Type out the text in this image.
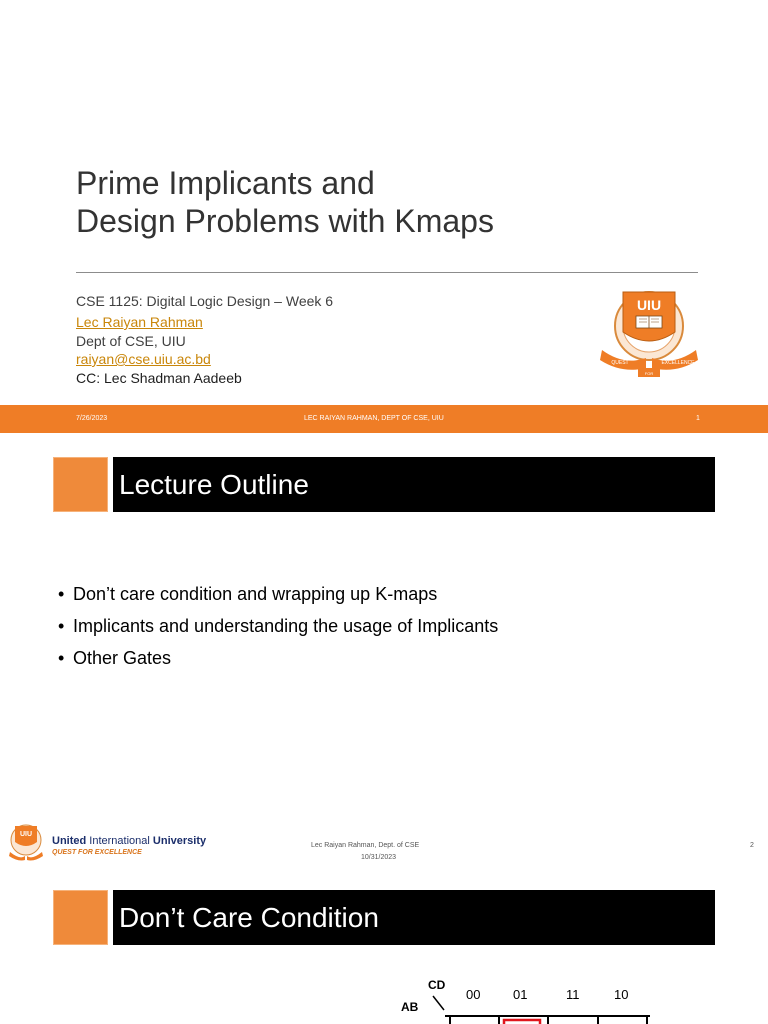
Prime Implicants and
Design Problems with Kmaps
CSE 1125: Digital Logic Design – Week 6
Lec Raiyan Rahman
Dept of CSE, UIU
raiyan@cse.uiu.ac.bd
CC: Lec Shadman Aadeeb
UIU
QUEST	EXCELLENCE
FOR
7/26/2023	LEC RAIYAN RAHMAN, DEPT OF CSE, UIU	1
Lecture Outline
• Don’t care condition and wrapping up K-maps
• Implicants and understanding the usage of Implicants
• Other Gates
UIU
United International University
QUEST FOR EXCELLENCE
Lec Raiyan Rahman, Dept. of CSE
10/31/2023
2
Don’t Care Condition
CD
AB
00	01	11	10
